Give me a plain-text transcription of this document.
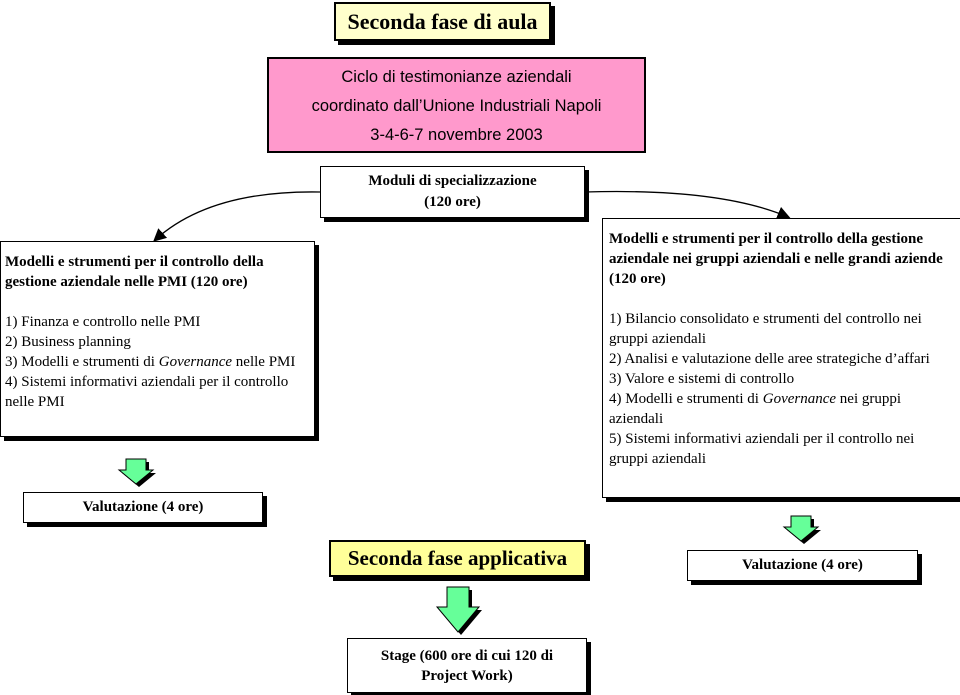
Seconda fase di aula
Ciclo di testimonianze aziendali
coordinato dall’Unione Industriali Napoli
3-4-6-7 novembre 2003
Moduli di specializzazione
(120 ore)
Modelli e strumenti per il controllo della gestione aziendale nelle PMI (120 ore)
1) Finanza e controllo nelle PMI
2) Business planning
3) Modelli e strumenti di Governance nelle PMI
4) Sistemi informativi aziendali per il controllo nelle PMI
Modelli e strumenti per il controllo della gestione aziendale nei gruppi aziendali e nelle grandi aziende (120 ore)
1) Bilancio consolidato e strumenti del controllo nei gruppi aziendali
2) Analisi e valutazione delle aree strategiche d’affari
3) Valore e sistemi di controllo
4) Modelli e strumenti di Governance nei gruppi aziendali
5) Sistemi informativi aziendali per il controllo nei gruppi aziendali
Valutazione (4 ore)
Valutazione (4 ore)
Seconda fase applicativa
Stage (600 ore di cui 120 di
Project Work)
